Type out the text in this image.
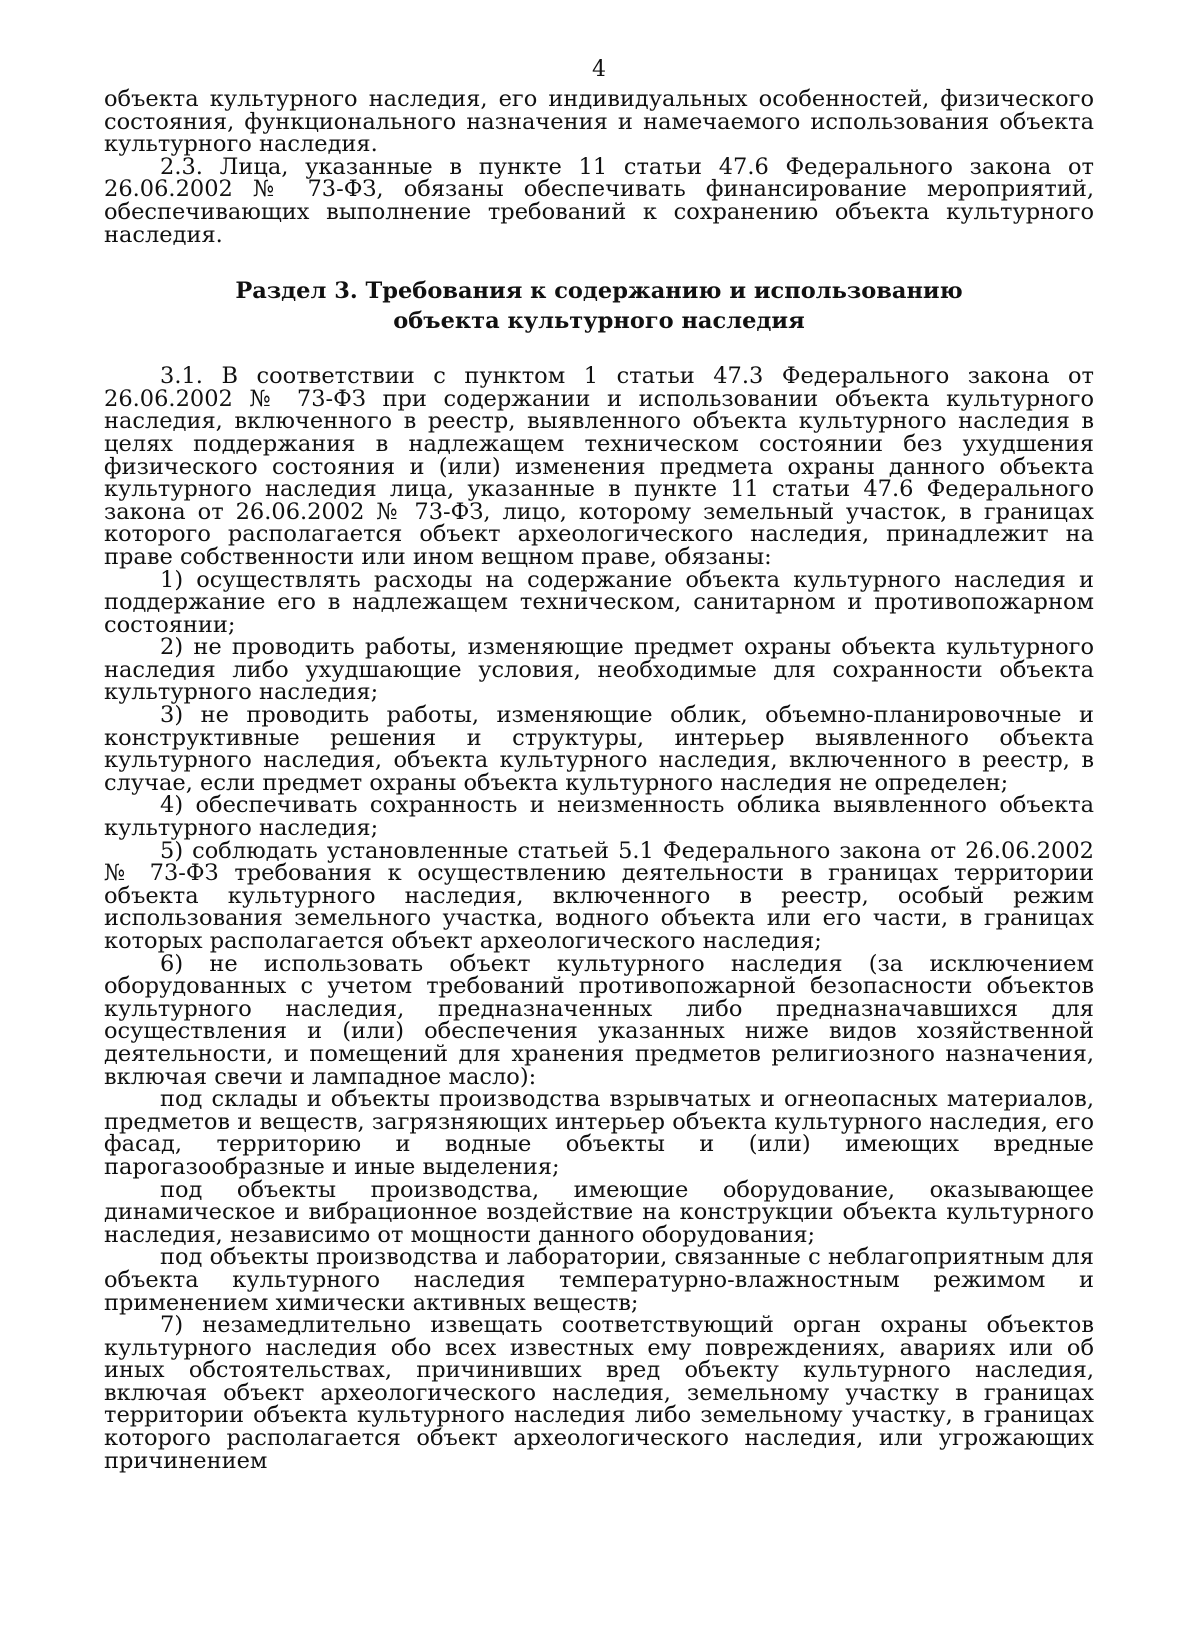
4

объекта культурного наследия, его индивидуальных особенностей, физического состояния, функционального назначения и намечаемого использования объекта культурного наследия.

2.3. Лица, указанные в пункте 11 статьи 47.6 Федерального закона от 26.06.2002 № 73-ФЗ, обязаны обеспечивать финансирование мероприятий, обеспечивающих выполнение требований к сохранению объекта культурного наследия.

Раздел 3. Требования к содержанию и использованию
объекта культурного наследия

3.1. В соответствии с пунктом 1 статьи 47.3 Федерального закона от 26.06.2002 № 73-ФЗ при содержании и использовании объекта культурного наследия, включенного в реестр, выявленного объекта культурного наследия в целях поддержания в надлежащем техническом состоянии без ухудшения физического состояния и (или) изменения предмета охраны данного объекта культурного наследия лица, указанные в пункте 11 статьи 47.6 Федерального закона от 26.06.2002 № 73-ФЗ, лицо, которому земельный участок, в границах которого располагается объект археологического наследия, принадлежит на праве собственности или ином вещном праве, обязаны:

1) осуществлять расходы на содержание объекта культурного наследия и поддержание его в надлежащем техническом, санитарном и противопожарном состоянии;

2) не проводить работы, изменяющие предмет охраны объекта культурного наследия либо ухудшающие условия, необходимые для сохранности объекта культурного наследия;

3) не проводить работы, изменяющие облик, объемно-планировочные и конструктивные решения и структуры, интерьер выявленного объекта культурного наследия, объекта культурного наследия, включенного в реестр, в случае, если предмет охраны объекта культурного наследия не определен;

4) обеспечивать сохранность и неизменность облика выявленного объекта культурного наследия;

5) соблюдать установленные статьей 5.1 Федерального закона от 26.06.2002 № 73-ФЗ требования к осуществлению деятельности в границах территории объекта культурного наследия, включенного в реестр, особый режим использования земельного участка, водного объекта или его части, в границах которых располагается объект археологического наследия;

6) не использовать объект культурного наследия (за исключением оборудованных с учетом требований противопожарной безопасности объектов культурного наследия, предназначенных либо предназначавшихся для осуществления и (или) обеспечения указанных ниже видов хозяйственной деятельности, и помещений для хранения предметов религиозного назначения, включая свечи и лампадное масло):

под склады и объекты производства взрывчатых и огнеопасных материалов, предметов и веществ, загрязняющих интерьер объекта культурного наследия, его фасад, территорию и водные объекты и (или) имеющих вредные парогазообразные и иные выделения;

под объекты производства, имеющие оборудование, оказывающее динамическое и вибрационное воздействие на конструкции объекта культурного наследия, независимо от мощности данного оборудования;

под объекты производства и лаборатории, связанные с неблагоприятным для объекта культурного наследия температурно-влажностным режимом и применением химически активных веществ;

7) незамедлительно извещать соответствующий орган охраны объектов культурного наследия обо всех известных ему повреждениях, авариях или об иных обстоятельствах, причинивших вред объекту культурного наследия, включая объект археологического наследия, земельному участку в границах территории объекта культурного наследия либо земельному участку, в границах которого располагается объект археологического наследия, или угрожающих причинением
